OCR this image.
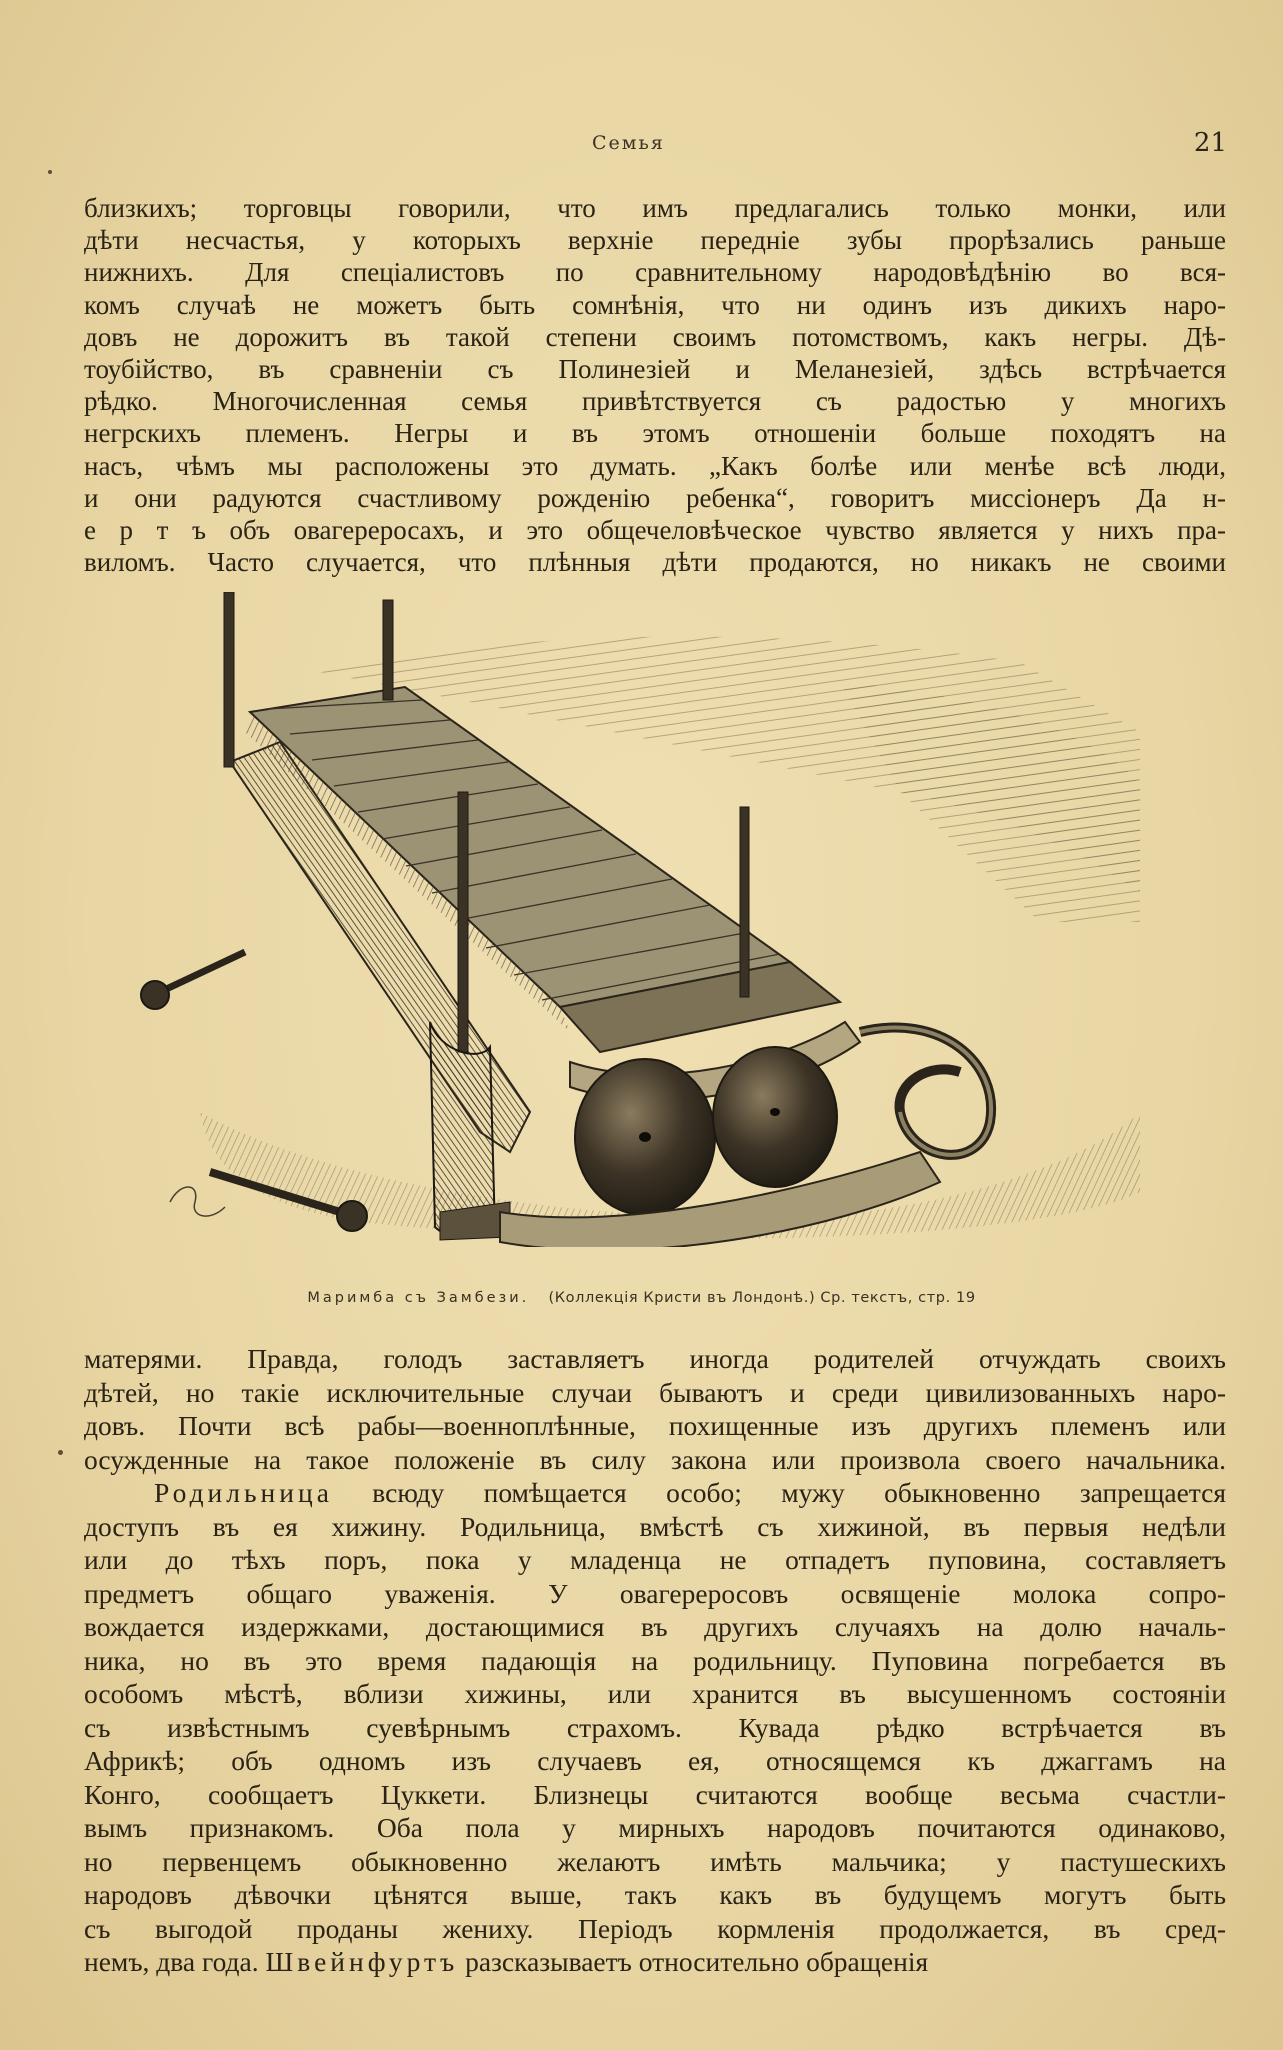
Семья	21
близкихъ; торговцы говорили, что имъ предлагались только монки, или
дѣти несчастья, у которыхъ верхніе передніе зубы прорѣзались раньше
нижнихъ. Для спеціалистовъ по сравнительному народовѣдѣнію во вся-
комъ случаѣ не можетъ быть сомнѣнія, что ни одинъ изъ дикихъ наро-
довъ не дорожитъ въ такой степени своимъ потомствомъ, какъ негры. Дѣ-
тоубійство, въ сравненіи съ Полинезіей и Меланезіей, здѣсь встрѣчается
рѣдко. Многочисленная семья привѣтствуется съ радостью у многихъ
негрскихъ племенъ. Негры и въ этомъ отношеніи больше походятъ на
насъ, чѣмъ мы расположены это думать. „Какъ болѣе или менѣе всѣ люди,
и они радуются счастливому рожденію ребенка“, говоритъ миссіонеръ Да н-
е р т ъ объ овагереросахъ, и это общечеловѣческое чувство является у нихъ пра-
виломъ. Часто случается, что плѣнныя дѣти продаются, но никакъ не своими
Маримба съ Замбези. (Коллекція Кристи въ Лондонѣ.) Ср. текстъ, стр. 19
матерями. Правда, голодъ заставляетъ иногда родителей отчуждать своихъ
дѣтей, но такіе исключительные случаи бываютъ и среди цивилизованныхъ наро-
довъ. Почти всѣ рабы—военноплѣнные, похищенные изъ другихъ племенъ или
осужденные на такое положеніе въ силу закона или произвола своего начальника.
Родильница всюду помѣщается особо; мужу обыкновенно запрещается
доступъ въ ея хижину. Родильница, вмѣстѣ съ хижиной, въ первыя недѣли
или до тѣхъ поръ, пока у младенца не отпадетъ пуповина, составляетъ
предметъ общаго уваженія. У овагереросовъ освященіе молока сопро-
вождается издержками, достающимися въ другихъ случаяхъ на долю началь-
ника, но въ это время падающія на родильницу. Пуповина погребается въ
особомъ мѣстѣ, вблизи хижины, или хранится въ высушенномъ состояніи
съ извѣстнымъ суевѣрнымъ страхомъ. Кувада рѣдко встрѣчается въ
Африкѣ; объ одномъ изъ случаевъ ея, относящемся къ джаггамъ на
Конго, сообщаетъ Цуккети. Близнецы считаются вообще весьма счастли-
вымъ признакомъ. Оба пола у мирныхъ народовъ почитаются одинаково,
но первенцемъ обыкновенно желаютъ имѣть мальчика; у пастушескихъ
народовъ дѣвочки цѣнятся выше, такъ какъ въ будущемъ могутъ быть
съ выгодой проданы жениху. Періодъ кормленія продолжается, въ сред-
немъ, два года. Швейнфуртъ разсказываетъ относительно обращенія
